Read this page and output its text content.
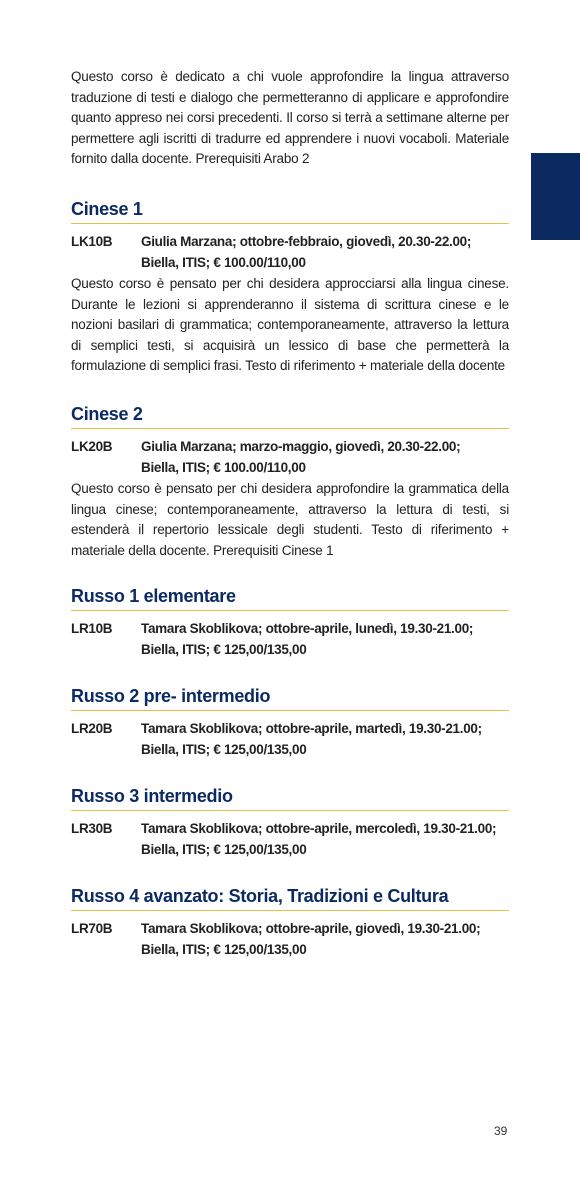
Questo corso è dedicato a chi vuole approfondire la lingua attraverso traduzione di testi e dialogo che permetteranno di applicare e approfondire quanto appreso nei corsi precedenti. Il corso si terrà a settimane alterne per permettere agli iscritti di tradurre ed apprendere i nuovi vocaboli. Materiale fornito dalla docente. Prerequisiti Arabo 2

Cinese 1
LK10B	Giulia Marzana; ottobre-febbraio, giovedì, 20.30-22.00;
Biella, ITIS; € 100.00/110,00

Questo corso è pensato per chi desidera approcciarsi alla lingua cinese. Durante le lezioni si apprenderanno il sistema di scrittura cinese e le nozioni basilari di grammatica; contemporaneamente, attraverso la lettura di semplici testi, si acquisirà un lessico di base che permetterà la formulazione di semplici frasi. Testo di riferimento + materiale della docente

Cinese 2
LK20B	Giulia Marzana; marzo-maggio, giovedì, 20.30-22.00;
Biella, ITIS; € 100.00/110,00

Questo corso è pensato per chi desidera approfondire la grammatica della lingua cinese; contemporaneamente, attraverso la lettura di testi, si estenderà il repertorio lessicale degli studenti. Testo di riferimento + materiale della docente. Prerequisiti Cinese 1

Russo 1 elementare
LR10B	Tamara Skoblikova; ottobre-aprile, lunedì, 19.30-21.00;
Biella, ITIS; € 125,00/135,00
Russo 2 pre- intermedio
LR20B	Tamara Skoblikova; ottobre-aprile, martedì, 19.30-21.00;
Biella, ITIS; € 125,00/135,00
Russo 3 intermedio
LR30B	Tamara Skoblikova; ottobre-aprile, mercoledì, 19.30-21.00;
Biella, ITIS; € 125,00/135,00
Russo 4 avanzato: Storia, Tradizioni e Cultura
LR70B	Tamara Skoblikova; ottobre-aprile, giovedì, 19.30-21.00;
Biella, ITIS; € 125,00/135,00
39
